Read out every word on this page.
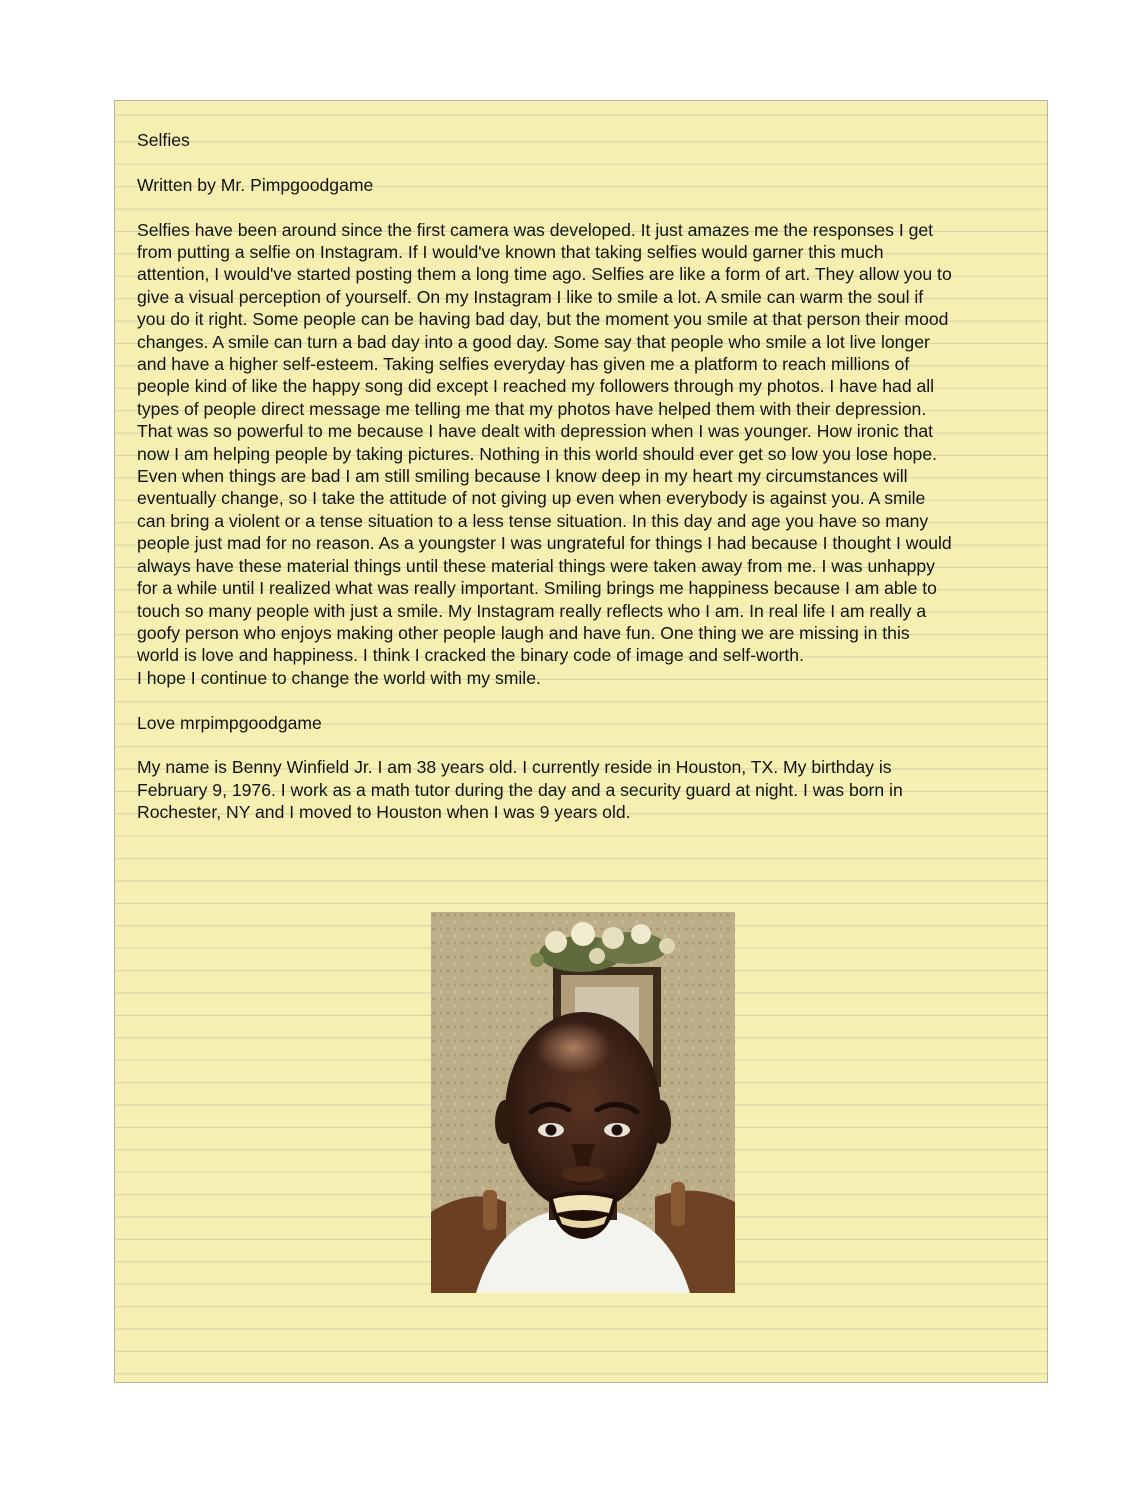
Selfies

Written by Mr. Pimpgoodgame

Selfies have been around since the first camera was developed. It just amazes me the responses I get
from putting a selfie on Instagram. If I would've known that taking selfies would garner this much
attention, I would've started posting them a long time ago. Selfies are like a form of art. They allow you to
give a visual perception of yourself. On my Instagram I like to smile a lot. A smile can warm the soul if
you do it right. Some people can be having bad day, but the moment you smile at that person their mood
changes. A smile can turn a bad day into a good day. Some say that people who smile a lot live longer
and have a higher self-esteem. Taking selfies everyday has given me a platform to reach millions of
people kind of like the happy song did except I reached my followers through my photos. I have had all
types of people direct message me telling me that my photos have helped them with their depression.
That was so powerful to me because I have dealt with depression when I was younger. How ironic that
now I am helping people by taking pictures. Nothing in this world should ever get so low you lose hope.
Even when things are bad I am still smiling because I know deep in my heart my circumstances will
eventually change, so I take the attitude of not giving up even when everybody is against you. A smile
can bring a violent or a tense situation to a less tense situation. In this day and age you have so many
people just mad for no reason. As a youngster I was ungrateful for things I had because I thought I would
always have these material things until these material things were taken away from me. I was unhappy
for a while until I realized what was really important. Smiling brings me happiness because I am able to
touch so many people with just a smile. My Instagram really reflects who I am. In real life I am really a
goofy person who enjoys making other people laugh and have fun. One thing we are missing in this
world is love and happiness. I think I cracked the binary code of image and self-worth.
I hope I continue to change the world with my smile.

Love mrpimpgoodgame

My name is Benny Winfield Jr. I am 38 years old. I currently reside in Houston, TX. My birthday is
February 9, 1976. I work as a math tutor during the day and a security guard at night. I was born in
Rochester, NY and I moved to Houston when I was 9 years old.
